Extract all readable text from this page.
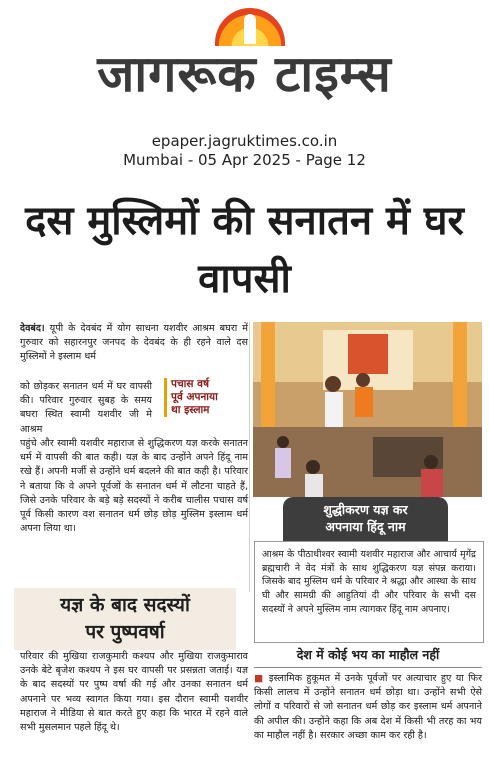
जागरूक टाइम्स
epaper.jagruktimes.co.in
Mumbai - 05 Apr 2025 - Page 12
दस मुस्लिमों की सनातन में घर वापसी
देवबंद। यूपी के देवबंद में योग साधना यशवीर आश्रम बघरा में गुरुवार को सहारनपुर जनपद के देवबंद के ही रहने वाले दस मुस्लिमों ने इस्लाम धर्म
को छोड़कर सनातन धर्म में घर वापसी की। परिवार गुरुवार सुबह के समय बघरा स्थित स्वामी यशवीर जी मे आश्रम
पचास वर्ष
पूर्व अपनाया
था इस्लाम
पहुंचे और स्वामी यशवीर महाराज से शुद्धिकरण यज्ञ करके सनातन धर्म में वापसी की बात कही। यज्ञ के बाद उन्होंने अपने हिंदू नाम रखे हैं। अपनी मर्जी से उन्होंने धर्म बदलने की बात कही है। परिवार ने बताया कि वे अपने पूर्वजों के सनातन धर्म में लौटना चाहते हैं, जिसे उनके परिवार के बड़े बड़े सदस्यों ने करीब चालीस पचास वर्ष पूर्व किसी कारण वश सनातन धर्म छोड़ छोड़ मुस्लिम इस्लाम धर्म अपना लिया था।
शुद्धीकरण यज्ञ कर
अपनाया हिंदू नाम
आश्रम के पीठाधीश्वर स्वामी यशवीर महाराज और आचार्य मृगेंद्र ब्रह्मचारी ने वेद मंत्रों के साथ शुद्धिकरण यज्ञ संपन्न कराया। जिसके बाद मुस्लिम धर्म के परिवार ने श्रद्धा और आस्था के साथ घी और सामग्री की आहुतियां दी और परिवार के सभी दस सदस्यों ने अपने मुस्लिम नाम त्यागकर हिंदू नाम अपनाए।
यज्ञ के बाद सदस्यों
पर पुष्पवर्षा
परिवार की मुखिया राजकुमारी कश्यप और मुखिया राजकुमाराव उनके बेटे बृजेश कश्यप ने इस घर वापसी पर प्रसन्नता जताई। यज्ञ के बाद सदस्यों पर पुष्प वर्षा की गई और उनका सनातन धर्म अपनाने पर भव्य स्वागत किया गया। इस दौरान स्वामी यशवीर महाराज ने मीडिया से बात करते हुए कहा कि भारत में रहने वाले सभी मुसलमान पहले हिंदू थे।
देश में कोई भय का माहौल नहीं
■ इस्लामिक हुकूमत में उनके पूर्वजों पर अत्याचार हुए या फिर किसी लालच में उन्होंने सनातन धर्म छोड़ा था। उन्होंने सभी ऐसे लोगों व परिवारों से जो सनातन धर्म छोड़ कर इस्लाम धर्म अपनाने की अपील की। उन्होंने कहा कि अब देश में किसी भी तरह का भय का माहौल नहीं है। सरकार अच्छा काम कर रही है।
